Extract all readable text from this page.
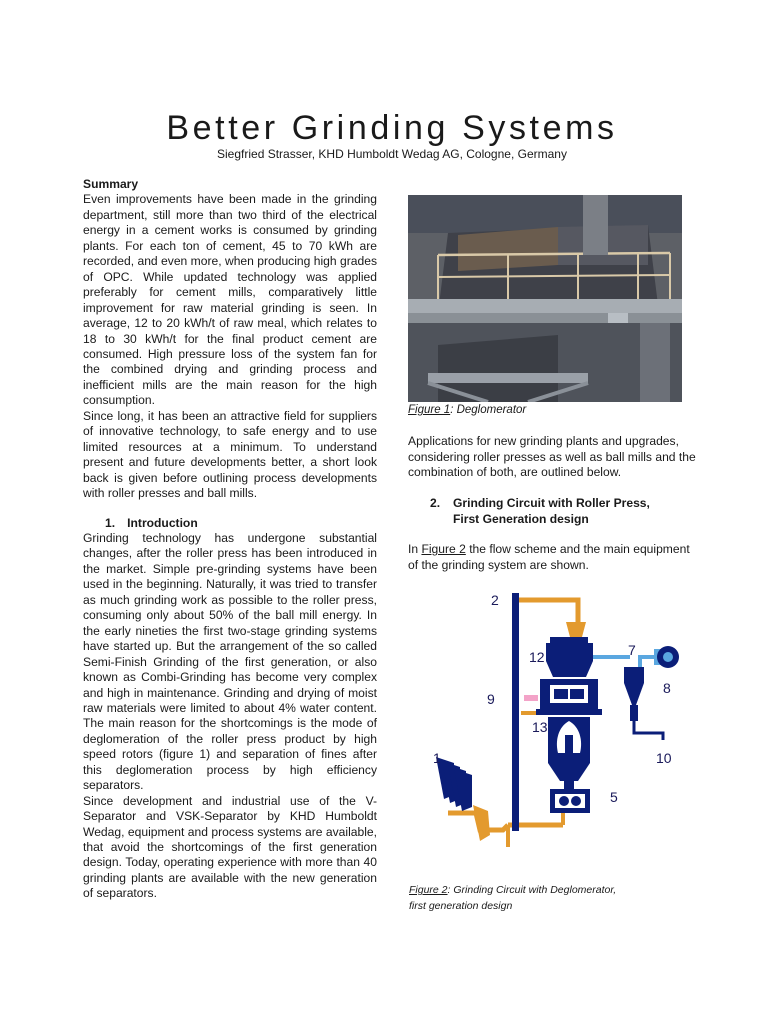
Better Grinding Systems
Siegfried Strasser, KHD Humboldt Wedag AG, Cologne, Germany

Summary

Even improvements have been made in the grinding department, still more than two third of the electrical energy in a cement works is consumed by grinding plants. For each ton of cement, 45 to 70 kWh are recorded, and even more, when producing high grades of OPC. While updated technology was applied preferably for cement mills, comparatively little improvement for raw material grinding is seen. In average, 12 to 20 kWh/t of raw meal, which relates to 18 to 30 kWh/t for the final product cement are consumed. High pressure loss of the system fan for the combined drying and grinding process and inefficient mills are the main reason for the high consumption.

Since long, it has been an attractive field for suppliers of innovative technology, to safe energy and to use limited resources at a minimum. To understand present and future developments better, a short look back is given before outlining process developments with roller presses and ball mills.

1. Introduction

Grinding technology has undergone substantial changes, after the roller press has been introduced in the market. Simple pre-grinding systems have been used in the beginning. Naturally, it was tried to transfer as much grinding work as possible to the roller press, consuming only about 50% of the ball mill energy. In the early nineties the first two-stage grinding systems have started up. But the arrangement of the so called Semi-Finish Grinding of the first generation, or also known as Combi-Grinding has become very complex and high in maintenance. Grinding and drying of moist raw materials were limited to about 4% water content. The main reason for the shortcomings is the mode of deglomeration of the roller press product by high speed rotors (figure 1) and separation of fines after this deglomeration process by high efficiency separators.

Since development and industrial use of the V-Separator and VSK-Separator by KHD Humboldt Wedag, equipment and process systems are available, that avoid the shortcomings of the first generation design. Today, operating experience with more than 40 grinding plants are available with the new generation of separators.

Figure 1: Deglomerator

Applications for new grinding plants and upgrades, considering roller presses as well as ball mills and the combination of both, are outlined below.

2. Grinding Circuit with Roller Press,
First Generation design

In Figure 2 the flow scheme and the main equipment of the grinding system are shown.

2
12	7
8
9
13
1	10
5
Figure 2: Grinding Circuit with Deglomerator,
first generation design
